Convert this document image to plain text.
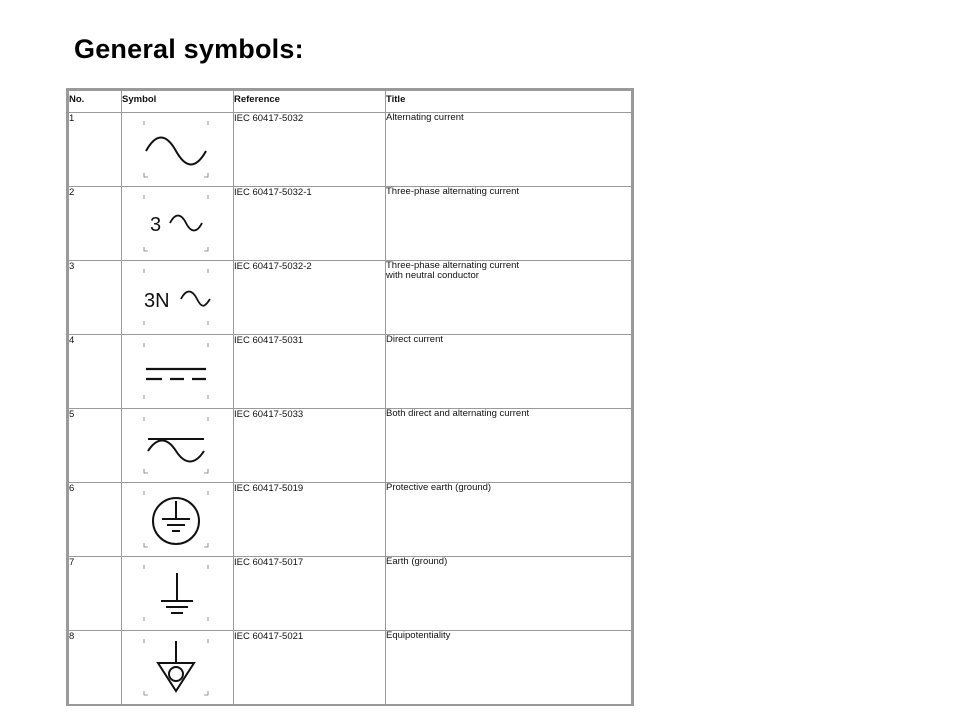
General symbols:
No.	Symbol	Reference	Title
1		IEC 60417-5032	Alternating current

2	3	IEC 60417-5032-1	Three-phase alternating current

3	3N	IEC 60417-5032-2	Three-phase alternating current
with neutral conductor

4		IEC 60417-5031	Direct current

5		IEC 60417-5033	Both direct and alternating current

6		IEC 60417-5019	Protective earth (ground)

7		IEC 60417-5017	Earth (ground)

8		IEC 60417-5021	Equipotentiality
